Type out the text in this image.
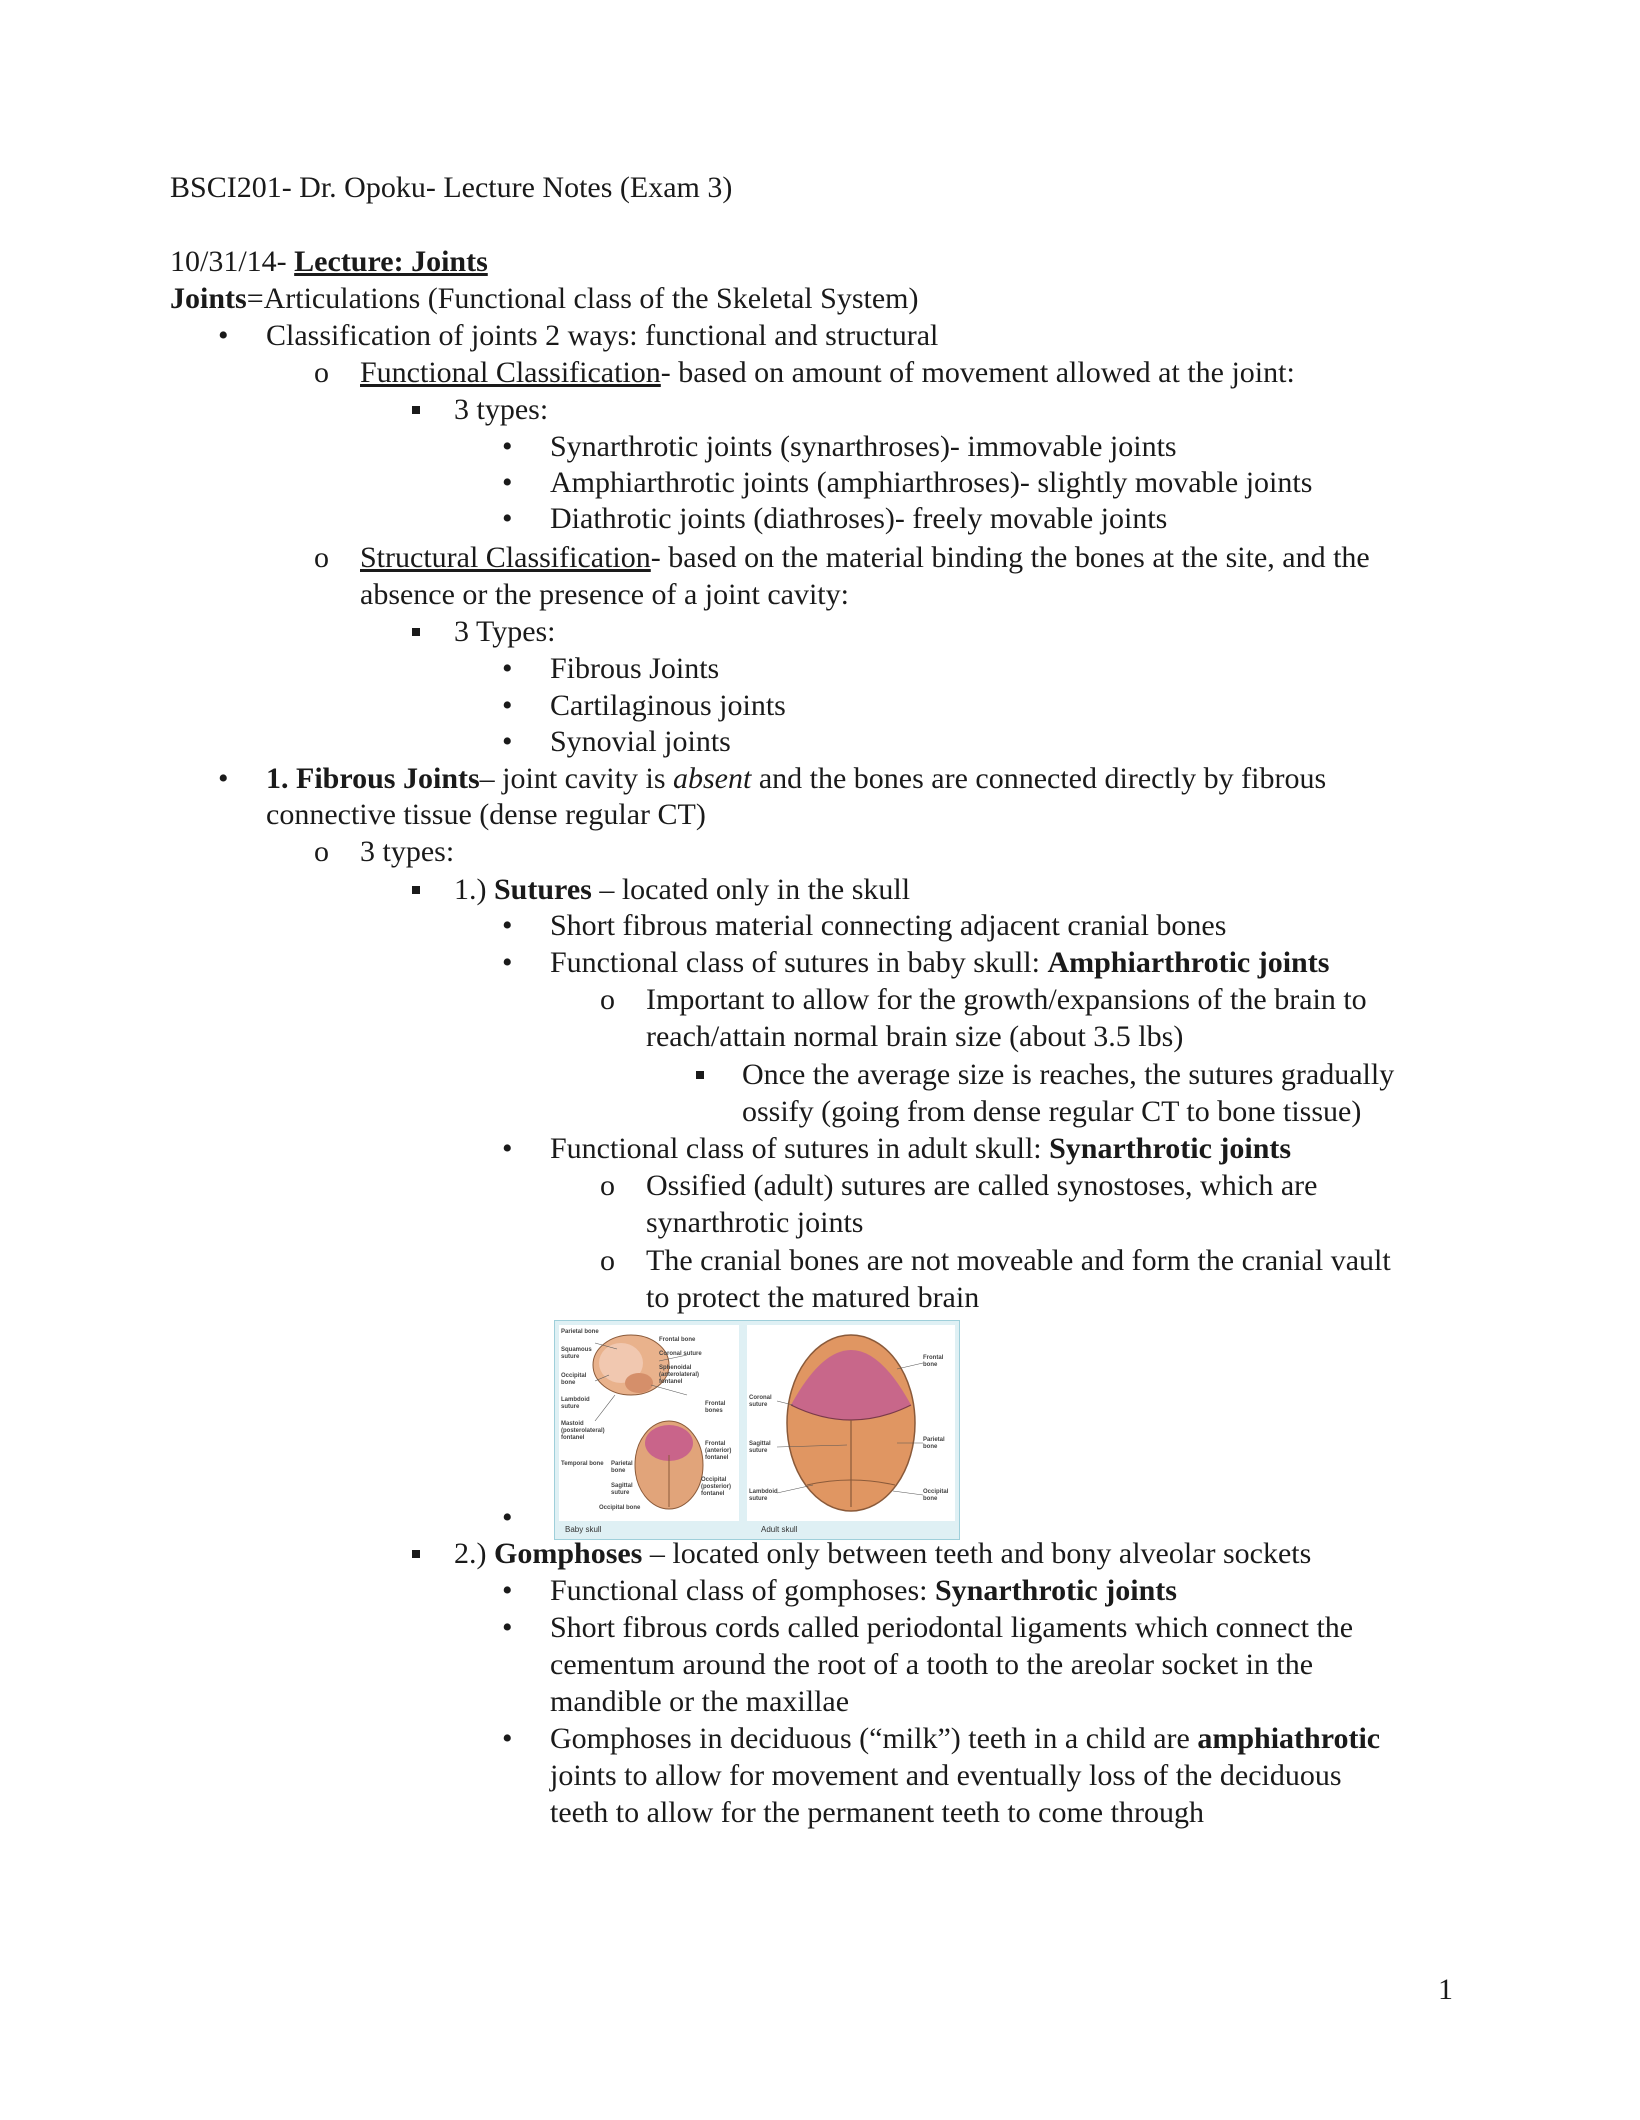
BSCI201- Dr. Opoku- Lecture Notes (Exam 3)
10/31/14- Lecture: Joints
Joints=Articulations (Functional class of the Skeletal System)
• Classification of joints 2 ways: functional and structural
o Functional Classification- based on amount of movement allowed at the joint:
3 types:
• Synarthrotic joints (synarthroses)- immovable joints
• Amphiarthrotic joints (amphiarthroses)- slightly movable joints
• Diathrotic joints (diathroses)- freely movable joints
o Structural Classification- based on the material binding the bones at the site, and the
absence or the presence of a joint cavity:
3 Types:
• Fibrous Joints
• Cartilaginous joints
• Synovial joints
• 1. Fibrous Joints– joint cavity is absent and the bones are connected directly by fibrous
connective tissue (dense regular CT)
o 3 types:
1.) Sutures – located only in the skull
• Short fibrous material connecting adjacent cranial bones
• Functional class of sutures in baby skull: Amphiarthrotic joints
o Important to allow for the growth/expansions of the brain to
reach/attain normal brain size (about 3.5 lbs)
Once the average size is reaches, the sutures gradually
ossify (going from dense regular CT to bone tissue)
• Functional class of sutures in adult skull: Synarthrotic joints
o Ossified (adult) sutures are called synostoses, which are
synarthrotic joints
o The cranial bones are not moveable and form the cranial vault
to protect the matured brain
•
Parietal bone
Squamous suture
Occipital bone
Lambdoid suture
Mastoid (posterolateral) fontanel
Temporal bone
Frontal bone
Coronal suture
Sphenoidal (anterolateral) fontanel
Frontal bones
Frontal (anterior) fontanel
Parietal bone
Sagittal suture
Occipital bone
Occipital (posterior) fontanel
Frontal bone
Coronal suture
Sagittal suture
Parietal bone
Lambdoid suture
Occipital bone
Baby skull	Adult skull
2.) Gomphoses – located only between teeth and bony alveolar sockets
• Functional class of gomphoses: Synarthrotic joints
• Short fibrous cords called periodontal ligaments which connect the
cementum around the root of a tooth to the areolar socket in the
mandible or the maxillae
• Gomphoses in deciduous (“milk”) teeth in a child are amphiathrotic
joints to allow for movement and eventually loss of the deciduous
teeth to allow for the permanent teeth to come through
1
